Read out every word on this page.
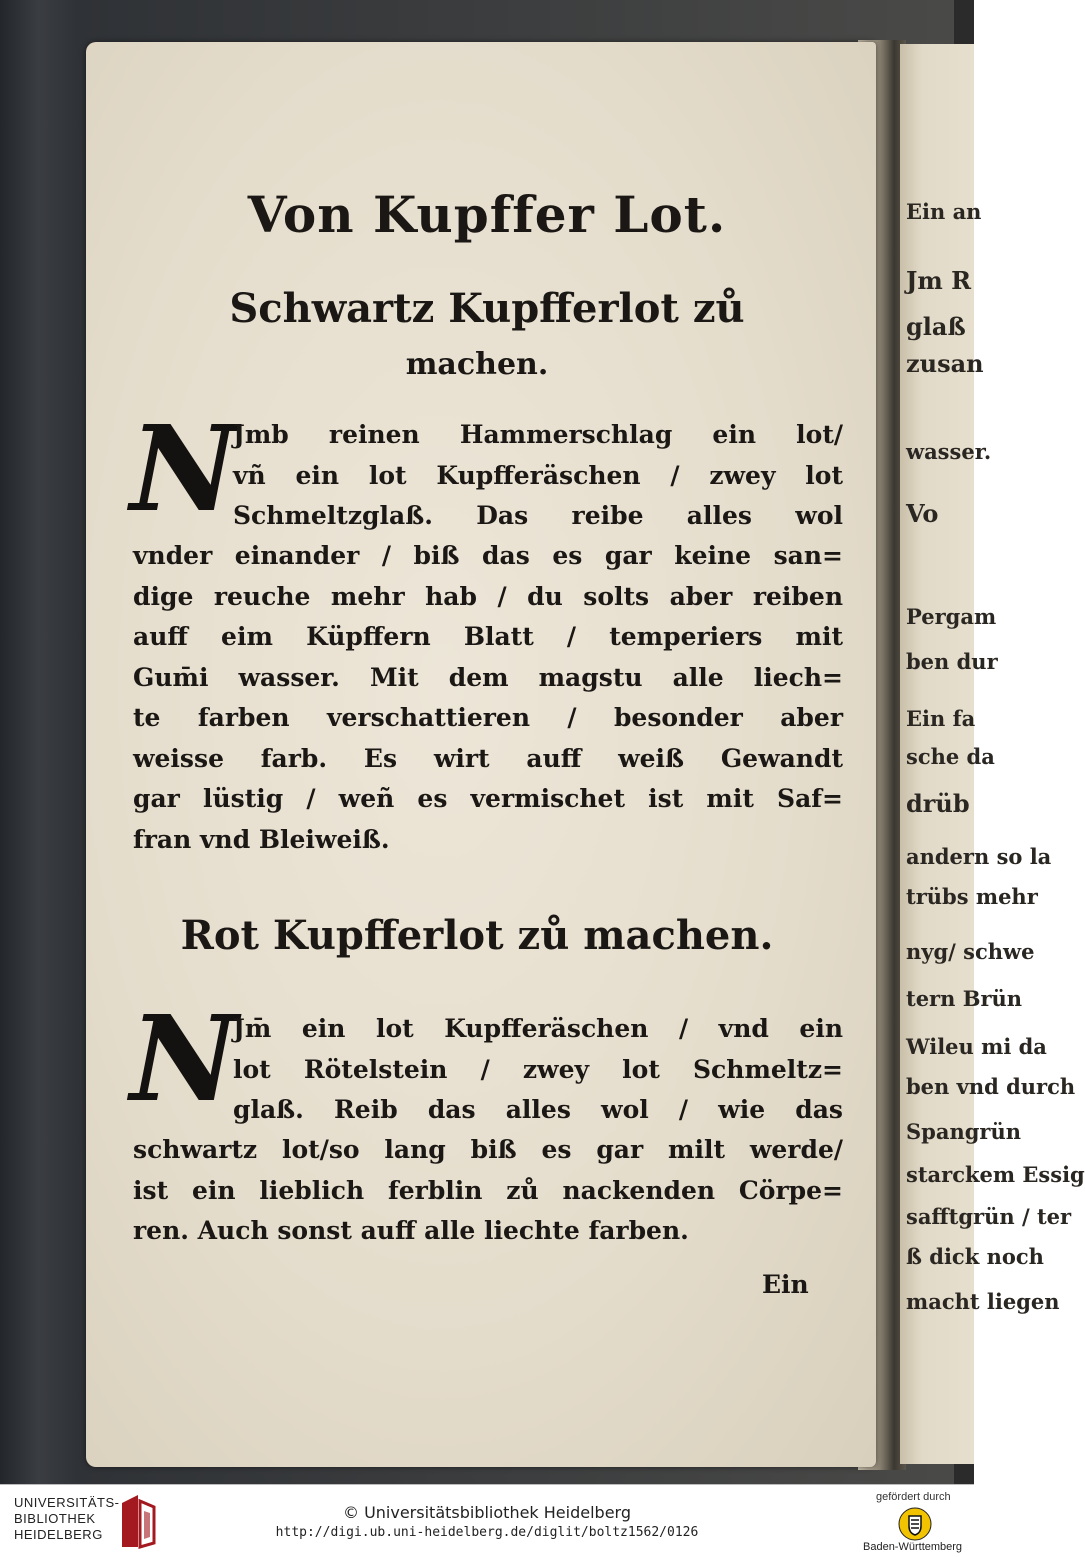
Ein an
Jm R
glaß
zusan
wasser.
Vo
Pergam
ben dur
Ein fa
sche da
drüb
andern so la
trübs mehr
nyg/ schwe
tern Brün
Wileu mi da
ben vnd durch
Spangrün
starckem Essig
safftgrün / ter
ß dick noch
macht liegen
Von Kupffer Lot.
Schwartz Kupfferlot zů
machen.
N
Jmb reinen Hammerschlag ein lot/
vñ ein lot Kupfferäschen / zwey lot
Schmeltzglaß. Das reibe alles wol
vnder einander / biß das es gar keine san=
dige reuche mehr hab / du solts aber reiben
auff eim Küpffern Blatt / temperiers mit
Gum̄i wasser. Mit dem magstu alle liech=
te farben verschattieren / besonder aber
weisse farb. Es wirt auff weiß Gewandt
gar lüstig / weñ es vermischet ist mit Saf=
fran vnd Bleiweiß.
Rot Kupfferlot zů machen.
N
Jm̄ ein lot Kupfferäschen / vnd ein
lot Rötelstein / zwey lot Schmeltz=
glaß. Reib das alles wol / wie das
schwartz lot/so lang biß es gar milt werde/
ist ein lieblich ferblin zů nackenden Cörpe=
ren. Auch sonst auff alle liechte farben.
Ein
UNIVERSITÄTS-
BIBLIOTHEK
HEIDELBERG
© Universitätsbibliothek Heidelberg
http://digi.ub.uni-heidelberg.de/diglit/boltz1562/0126
gefördert durch
Baden-Württemberg
